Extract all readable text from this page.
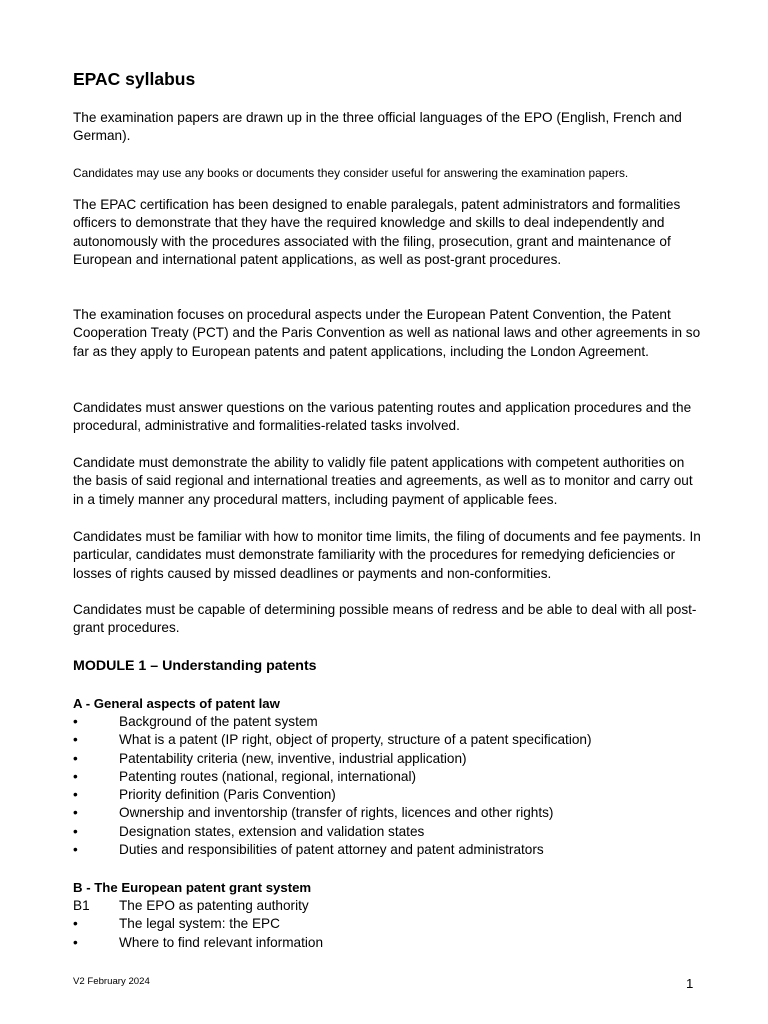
EPAC syllabus

The examination papers are drawn up in the three official languages of the EPO (English, French and German).

Candidates may use any books or documents they consider useful for answering the examination papers.

The EPAC certification has been designed to enable paralegals, patent administrators and formalities officers to demonstrate that they have the required knowledge and skills to deal independently and autonomously with the procedures associated with the filing, prosecution, grant and maintenance of European and international patent applications, as well as post-grant procedures.

The examination focuses on procedural aspects under the European Patent Convention, the Patent Cooperation Treaty (PCT) and the Paris Convention as well as national laws and other agreements in so far as they apply to European patents and patent applications, including the London Agreement.

Candidates must answer questions on the various patenting routes and application procedures and the procedural, administrative and formalities-related tasks involved.

Candidate must demonstrate the ability to validly file patent applications with competent authorities on the basis of said regional and international treaties and agreements, as well as to monitor and carry out in a timely manner any procedural matters, including payment of applicable fees.

Candidates must be familiar with how to monitor time limits, the filing of documents and fee payments. In particular, candidates must demonstrate familiarity with the procedures for remedying deficiencies or losses of rights caused by missed deadlines or payments and non-conformities.

Candidates must be capable of determining possible means of redress and be able to deal with all post-grant procedures.

MODULE 1 – Understanding patents
A - General aspects of patent law
•	Background of the patent system
•	What is a patent (IP right, object of property, structure of a patent specification)
•	Patentability criteria (new, inventive, industrial application)
•	Patenting routes (national, regional, international)
•	Priority definition (Paris Convention)
•	Ownership and inventorship (transfer of rights, licences and other rights)
•	Designation states, extension and validation states
•	Duties and responsibilities of patent attorney and patent administrators
B - The European patent grant system
B1	The EPO as patenting authority
•	The legal system: the EPC
•	Where to find relevant information
V2 February 2024	1
